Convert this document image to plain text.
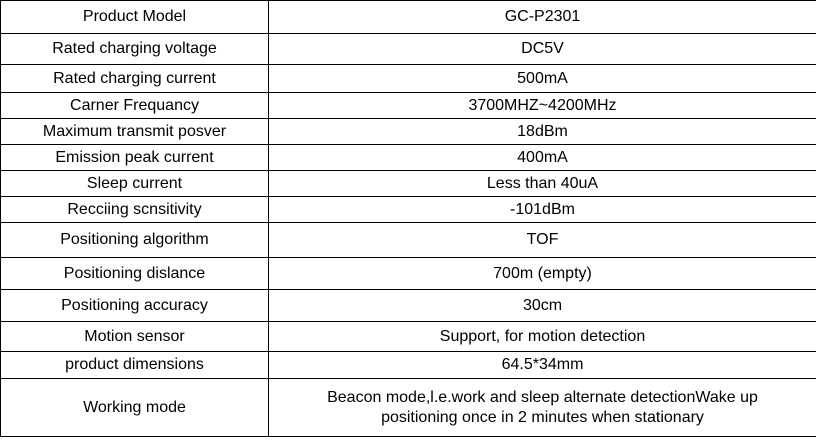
Product Model	GC-P2301
Rated charging voltage	DC5V
Rated charging current	500mA
Carner Frequancy	3700MHZ~4200MHz
Maximum transmit posver	18dBm
Emission peak current	400mA
Sleep current	Less than 40uA
Recciing scnsitivity	-101dBm
Positioning algorithm	TOF
Positioning dislance	700m (empty)
Positioning accuracy	30cm
Motion sensor	Support, for motion detection
product dimensions	64.5*34mm
Working mode	Beacon mode,l.e.work and sleep alternate detectionWake up
positioning once in 2 minutes when stationary
